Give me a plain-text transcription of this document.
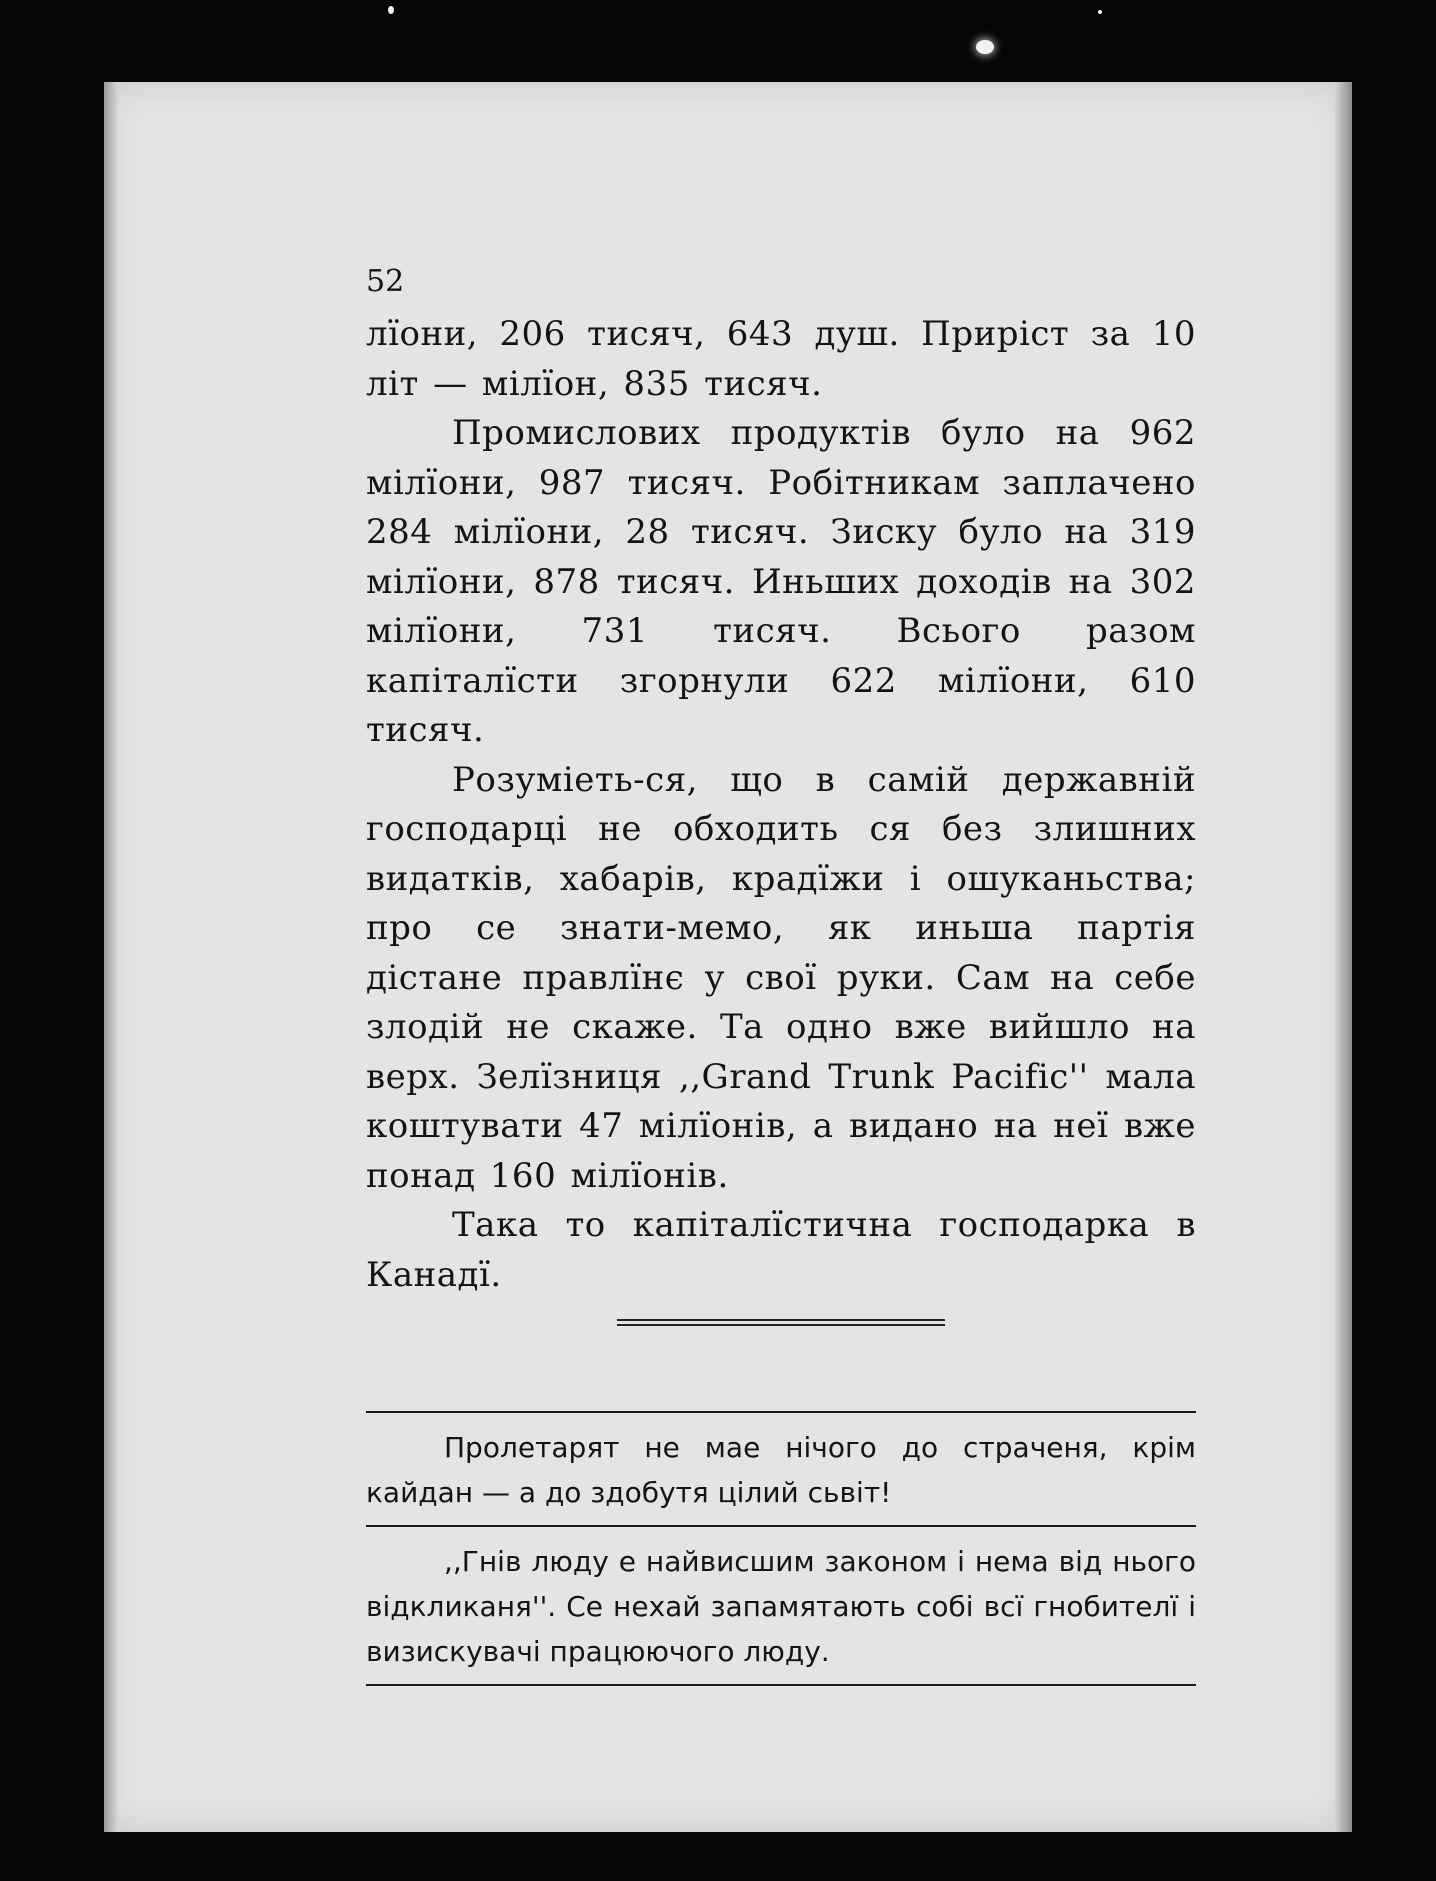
52

лїони, 206 тисяч, 643 душ. Приріст за 10 літ — мілїон, 835 тисяч.

Промислових продуктів було на 962 мілїони, 987 тисяч. Робітникам заплачено 284 мілїони, 28 тисяч. Зиску було на 319 мілїони, 878 тисяч. Иньших доходів на 302 мілїони, 731 тисяч. Всього разом капіталїсти згорнули 622 мілїони, 610 тисяч.

Розуміеть-ся, що в самій державній господарці не обходить ся без злишних видатків, хабарів, крадїжи і ошуканьства; про се знати-мемо, як иньша партія дістане правлїнє у свої руки. Сам на себе злодій не скаже. Та одно вже вийшло на верх. Зелїзниця ,,Grand Trunk Pacific'' мала коштувати 47 мілїонів, а видано на неї вже понад 160 мілїонів.

Така то капіталїстична господарка в Канадї.

Пролетарят не мае нічого до страченя, крім кайдан — а до здобутя цілий сьвіт!

,,Гнів люду е найвисшим законом і нема від нього відкликаня''. Се нехай запамятають собі всї гнобителї і визискувачі працюючого люду.
